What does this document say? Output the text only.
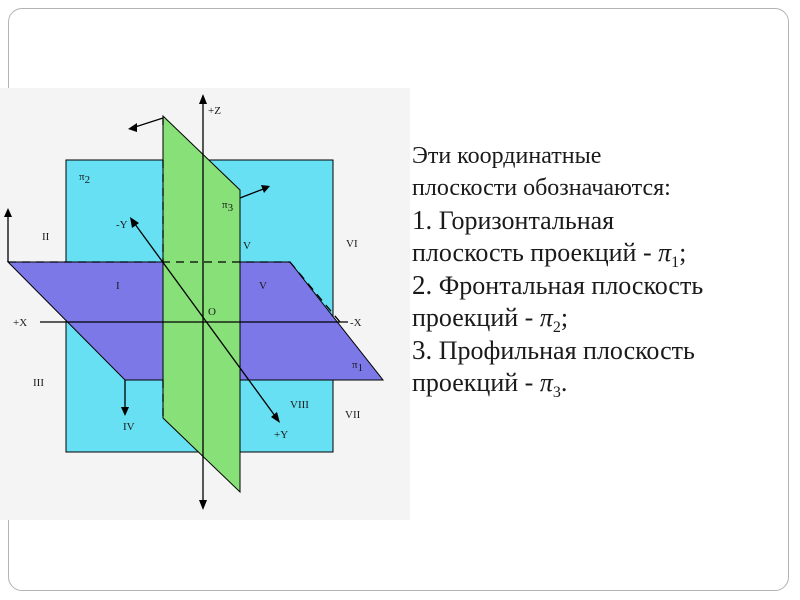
+Z
+X	-X
+Y
-Y
V
O
π2
π3
π1
I
II
III
IV
V
VI
VII
VIII
Эти координатные
плоскости обозначаются:
1. Горизонтальная
плоскость проекций - $\pi_1$;
2. Фронтальная плоскость
проекций - $\pi_2$;
3. Профильная плоскость
проекций - $\pi_3$.
